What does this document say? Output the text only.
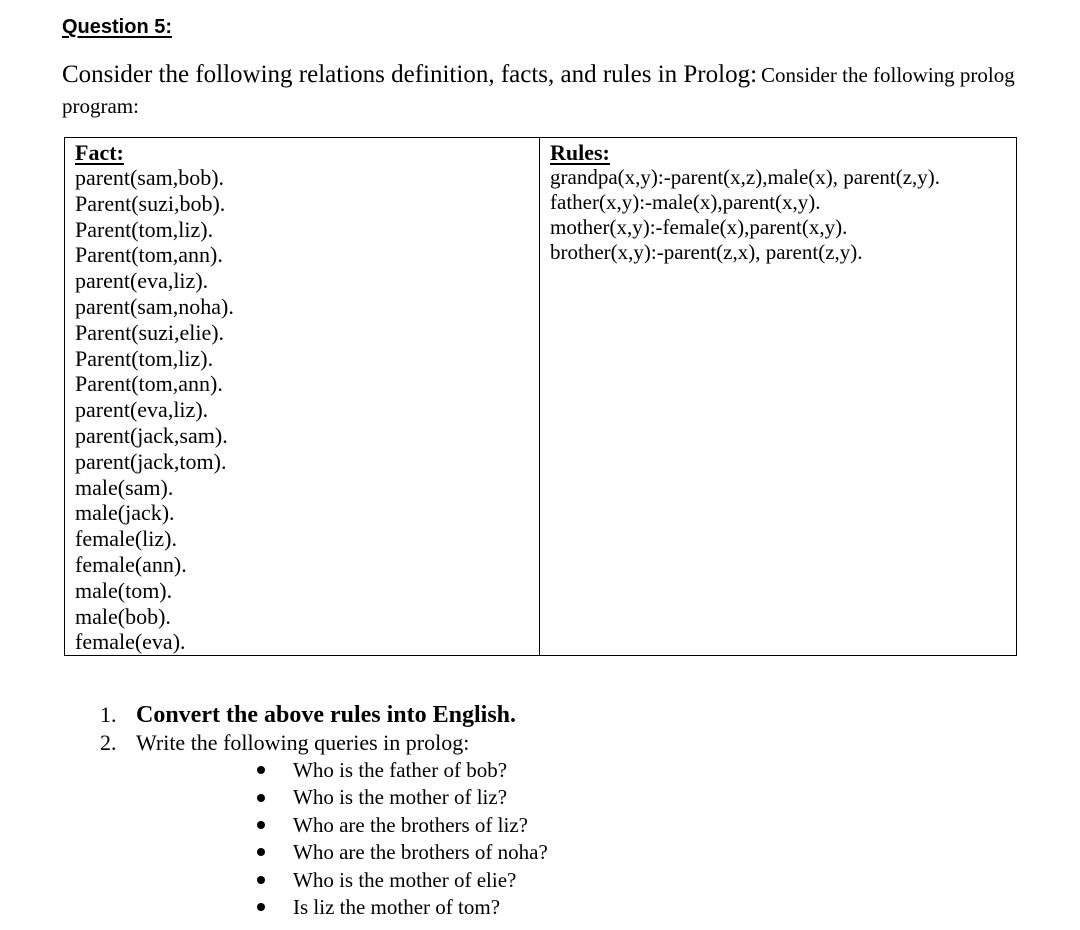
Question 5:

Consider the following relations definition, facts, and rules in Prolog: Consider the following prolog program:

Fact:
parent(sam,bob).
Parent(suzi,bob).
Parent(tom,liz).
Parent(tom,ann).
parent(eva,liz).
parent(sam,noha).
Parent(suzi,elie).
Parent(tom,liz).
Parent(tom,ann).
parent(eva,liz).
parent(jack,sam).
parent(jack,tom).
male(sam).
male(jack).
female(liz).
female(ann).
male(tom).
male(bob).
female(eva).

Rules:
grandpa(x,y):-parent(x,z),male(x), parent(z,y).
father(x,y):-male(x),parent(x,y).
mother(x,y):-female(x),parent(x,y).
brother(x,y):-parent(z,x), parent(z,y).
1. Convert the above rules into English.
2. Write the following queries in prolog:
Who is the father of bob?
Who is the mother of liz?
Who are the brothers of liz?
Who are the brothers of noha?
Who is the mother of elie?
Is liz the mother of tom?
